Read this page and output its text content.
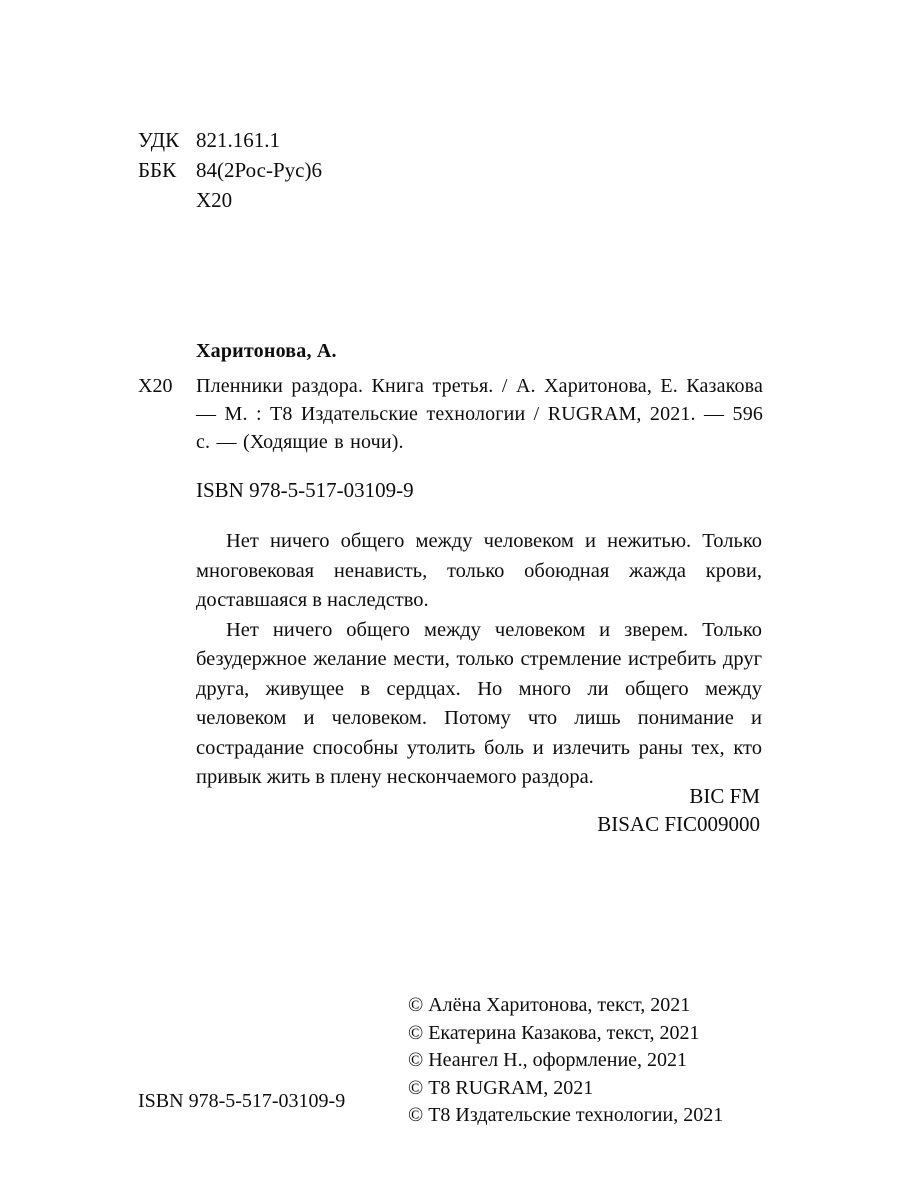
УДК 821.161.1
ББК 84(2Рос-Рус)6
Х20
Харитонова, А.
Х20	Пленники раздора. Книга третья. / А. Харитонова, Е. Казакова — М. : Т8 Издательские технологии / RUGRAM, 2021. — 596 с. — (Ходящие в ночи).
ISBN 978-5-517-03109-9

Нет ничего общего между человеком и нежитью. Только многовековая ненависть, только обоюдная жажда крови, доставшаяся в наследство.

Нет ничего общего между человеком и зверем. Только безудержное желание мести, только стремление истребить друг друга, живущее в сердцах. Но много ли общего между человеком и человеком. Потому что лишь понимание и сострадание способны утолить боль и излечить раны тех, кто привык жить в плену нескончаемого раздора.

BIC FM
BISAC FIC009000
© Алёна Харитонова, текст, 2021
© Екатерина Казакова, текст, 2021
© Неангел Н., оформление, 2021
© Т8 RUGRAM, 2021
© Т8 Издательские технологии, 2021
ISBN 978-5-517-03109-9
